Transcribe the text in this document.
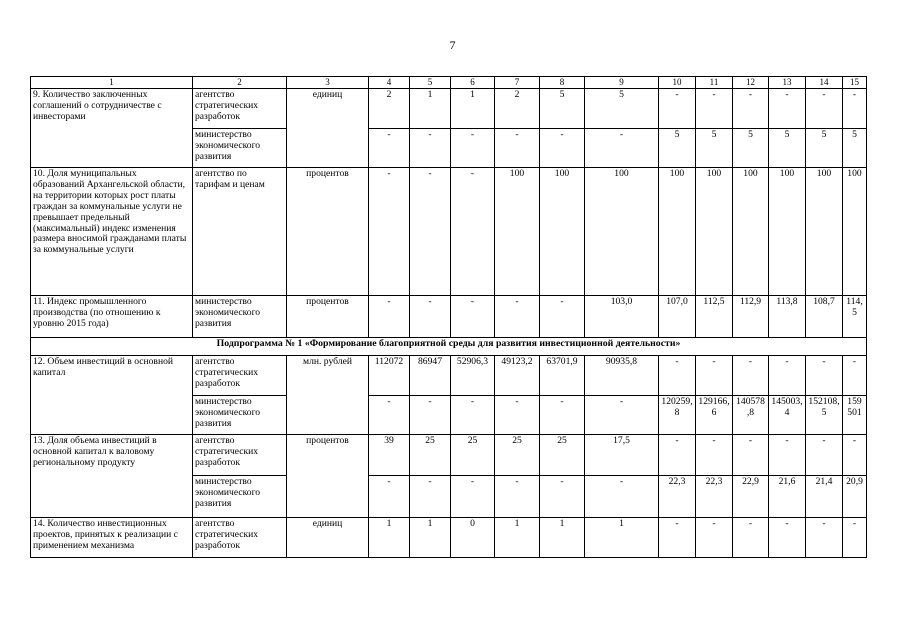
7
1	2	3	4	5	6	7	8	9	10	11	12	13	14	15
9. Количество заключенных соглашений о сотрудничестве с инвесторами	агентство стратегических разработок	единиц	2	1	1	2	5	5	-	-	-	-	-	-
	министерство экономического развития		-	-	-	-	-	-	5	5	5	5	5	5
10. Доля муниципальных образований Архангельской области, на территории которых рост платы граждан за коммунальные услуги не превышает предельный (максимальный) индекс изменения размера вносимой гражданами платы за коммунальные услуги	агентство по тарифам и ценам	процентов	-	-	-	100	100	100	100	100	100	100	100	100
11. Индекс промышленного производства (по отношению к уровню 2015 года)	министерство экономического развития	процентов	-	-	-	-	-	103,0	107,0	112,5	112,9	113,8	108,7	114,5
Подпрограмма № 1 «Формирование благоприятной среды для развития инвестиционной деятельности»														
12. Объем инвестиций в основной капитал	агентство стратегических разработок	млн. рублей	112072	86947	52906,3	49123,2	63701,9	90935,8	-	-	-	-	-	-
	министерство экономического развития		-	-	-	-	-	-	120259,8	129166,6	140578,8	145003,4	152108,5	159501
13. Доля объема инвестиций в основной капитал к валовому региональному продукту	агентство стратегических разработок	процентов	39	25	25	25	25	17,5	-	-	-	-	-	-
	министерство экономического развития		-	-	-	-	-	-	22,3	22,3	22,9	21,6	21,4	20,9
14. Количество инвестиционных проектов, принятых к реализации с применением механизма	агентство стратегических разработок	единиц	1	1	0	1	1	1	-	-	-	-	-	-
